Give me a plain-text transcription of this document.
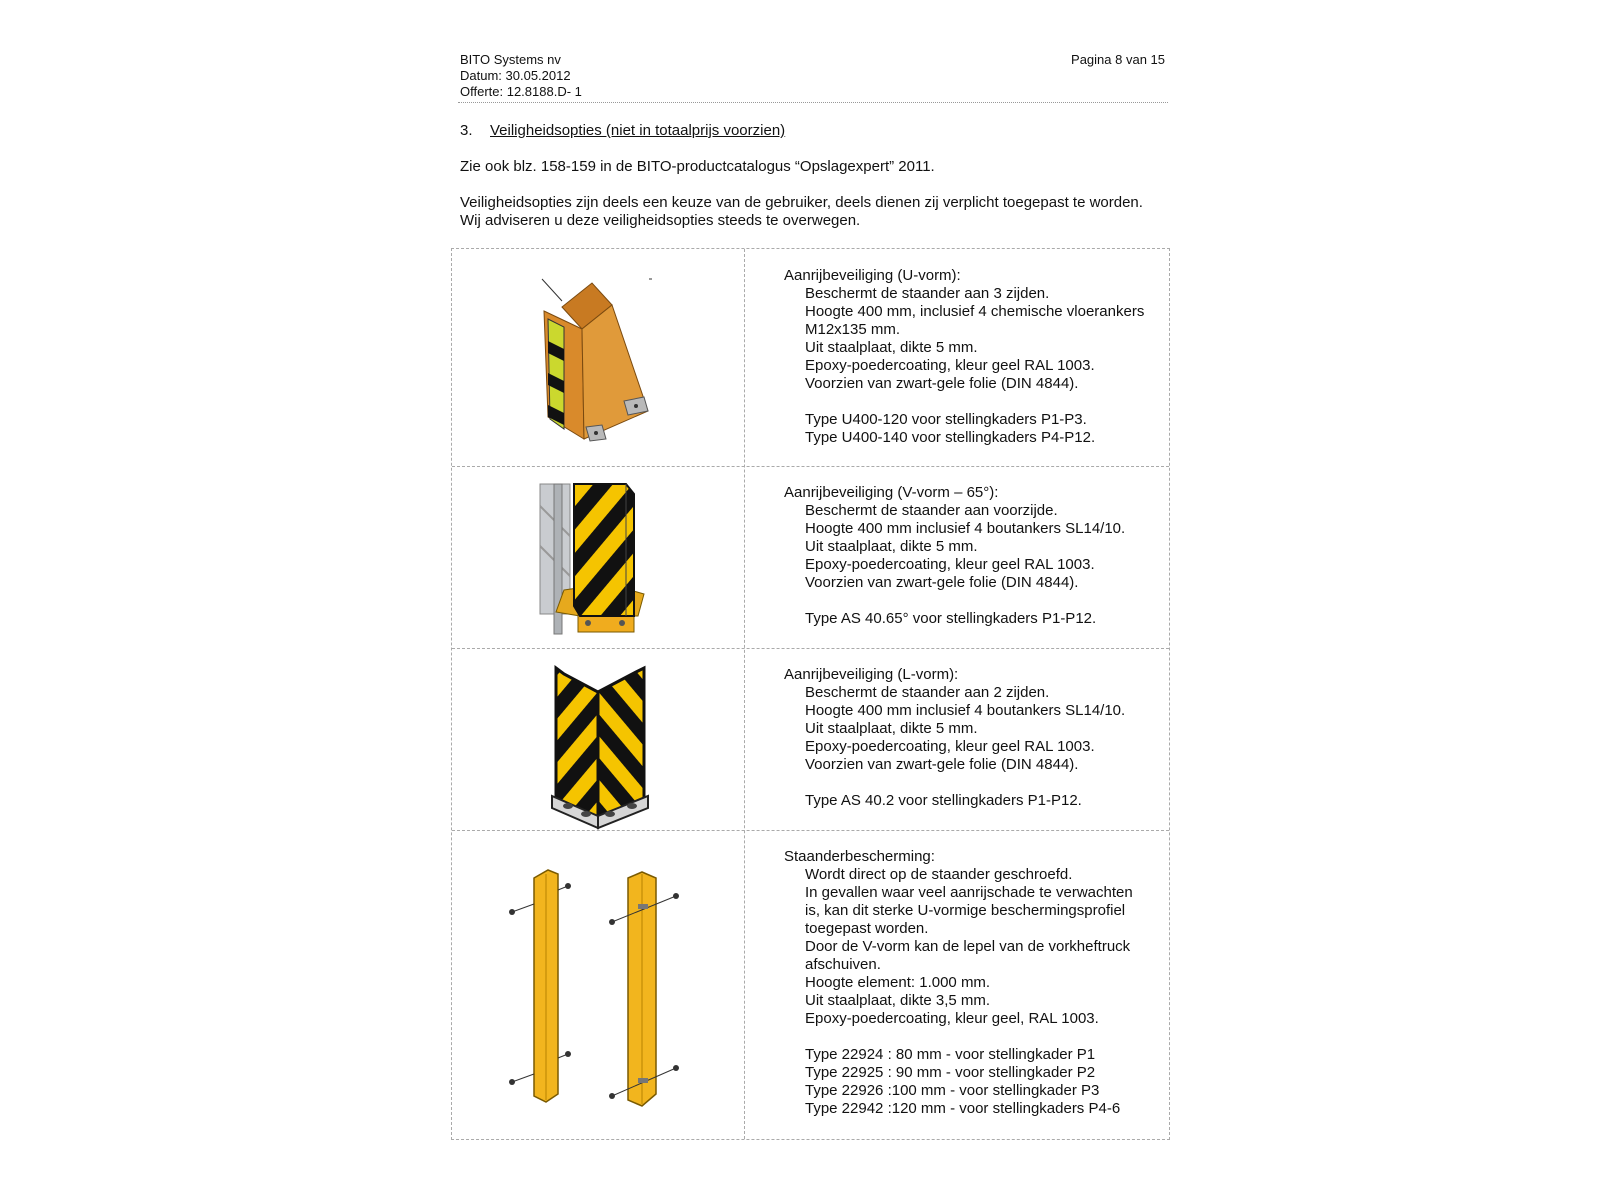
BITO Systems nv
Datum: 30.05.2012
Offerte: 12.8188.D- 1
Pagina 8 van 15
3. Veiligheidsopties (niet in totaalprijs voorzien)
Zie ook blz. 158-159 in de BITO-productcatalogus “Opslagexpert” 2011.
Veiligheidsopties zijn deels een keuze van de gebruiker, deels dienen zij verplicht toegepast te worden.
Wij adviseren u deze veiligheidsopties steeds te overwegen.
Aanrijbeveiliging (U-vorm):
Beschermt de staander aan 3 zijden.
Hoogte 400 mm, inclusief 4 chemische vloerankers
M12x135 mm.
Uit staalplaat, dikte 5 mm.
Epoxy-poedercoating, kleur geel RAL 1003.
Voorzien van zwart-gele folie (DIN 4844).
Type U400-120 voor stellingkaders P1-P3.
Type U400-140 voor stellingkaders P4-P12.
Aanrijbeveiliging (V-vorm – 65°):
Beschermt de staander aan voorzijde.
Hoogte 400 mm inclusief 4 boutankers SL14/10.
Uit staalplaat, dikte 5 mm.
Epoxy-poedercoating, kleur geel RAL 1003.
Voorzien van zwart-gele folie (DIN 4844).
Type AS 40.65° voor stellingkaders P1-P12.
Aanrijbeveiliging (L-vorm):
Beschermt de staander aan 2 zijden.
Hoogte 400 mm inclusief 4 boutankers SL14/10.
Uit staalplaat, dikte 5 mm.
Epoxy-poedercoating, kleur geel RAL 1003.
Voorzien van zwart-gele folie (DIN 4844).
Type AS 40.2 voor stellingkaders P1-P12.
Staanderbescherming:
Wordt direct op de staander geschroefd.
In gevallen waar veel aanrijschade te verwachten
is, kan dit sterke U-vormige beschermingsprofiel
toegepast worden.
Door de V-vorm kan de lepel van de vorkheftruck
afschuiven.
Hoogte element: 1.000 mm.
Uit staalplaat, dikte 3,5 mm.
Epoxy-poedercoating, kleur geel, RAL 1003.
Type 22924 : 80 mm - voor stellingkader P1
Type 22925 : 90 mm - voor stellingkader P2
Type 22926 :100 mm - voor stellingkader P3
Type 22942 :120 mm - voor stellingkaders P4-6
